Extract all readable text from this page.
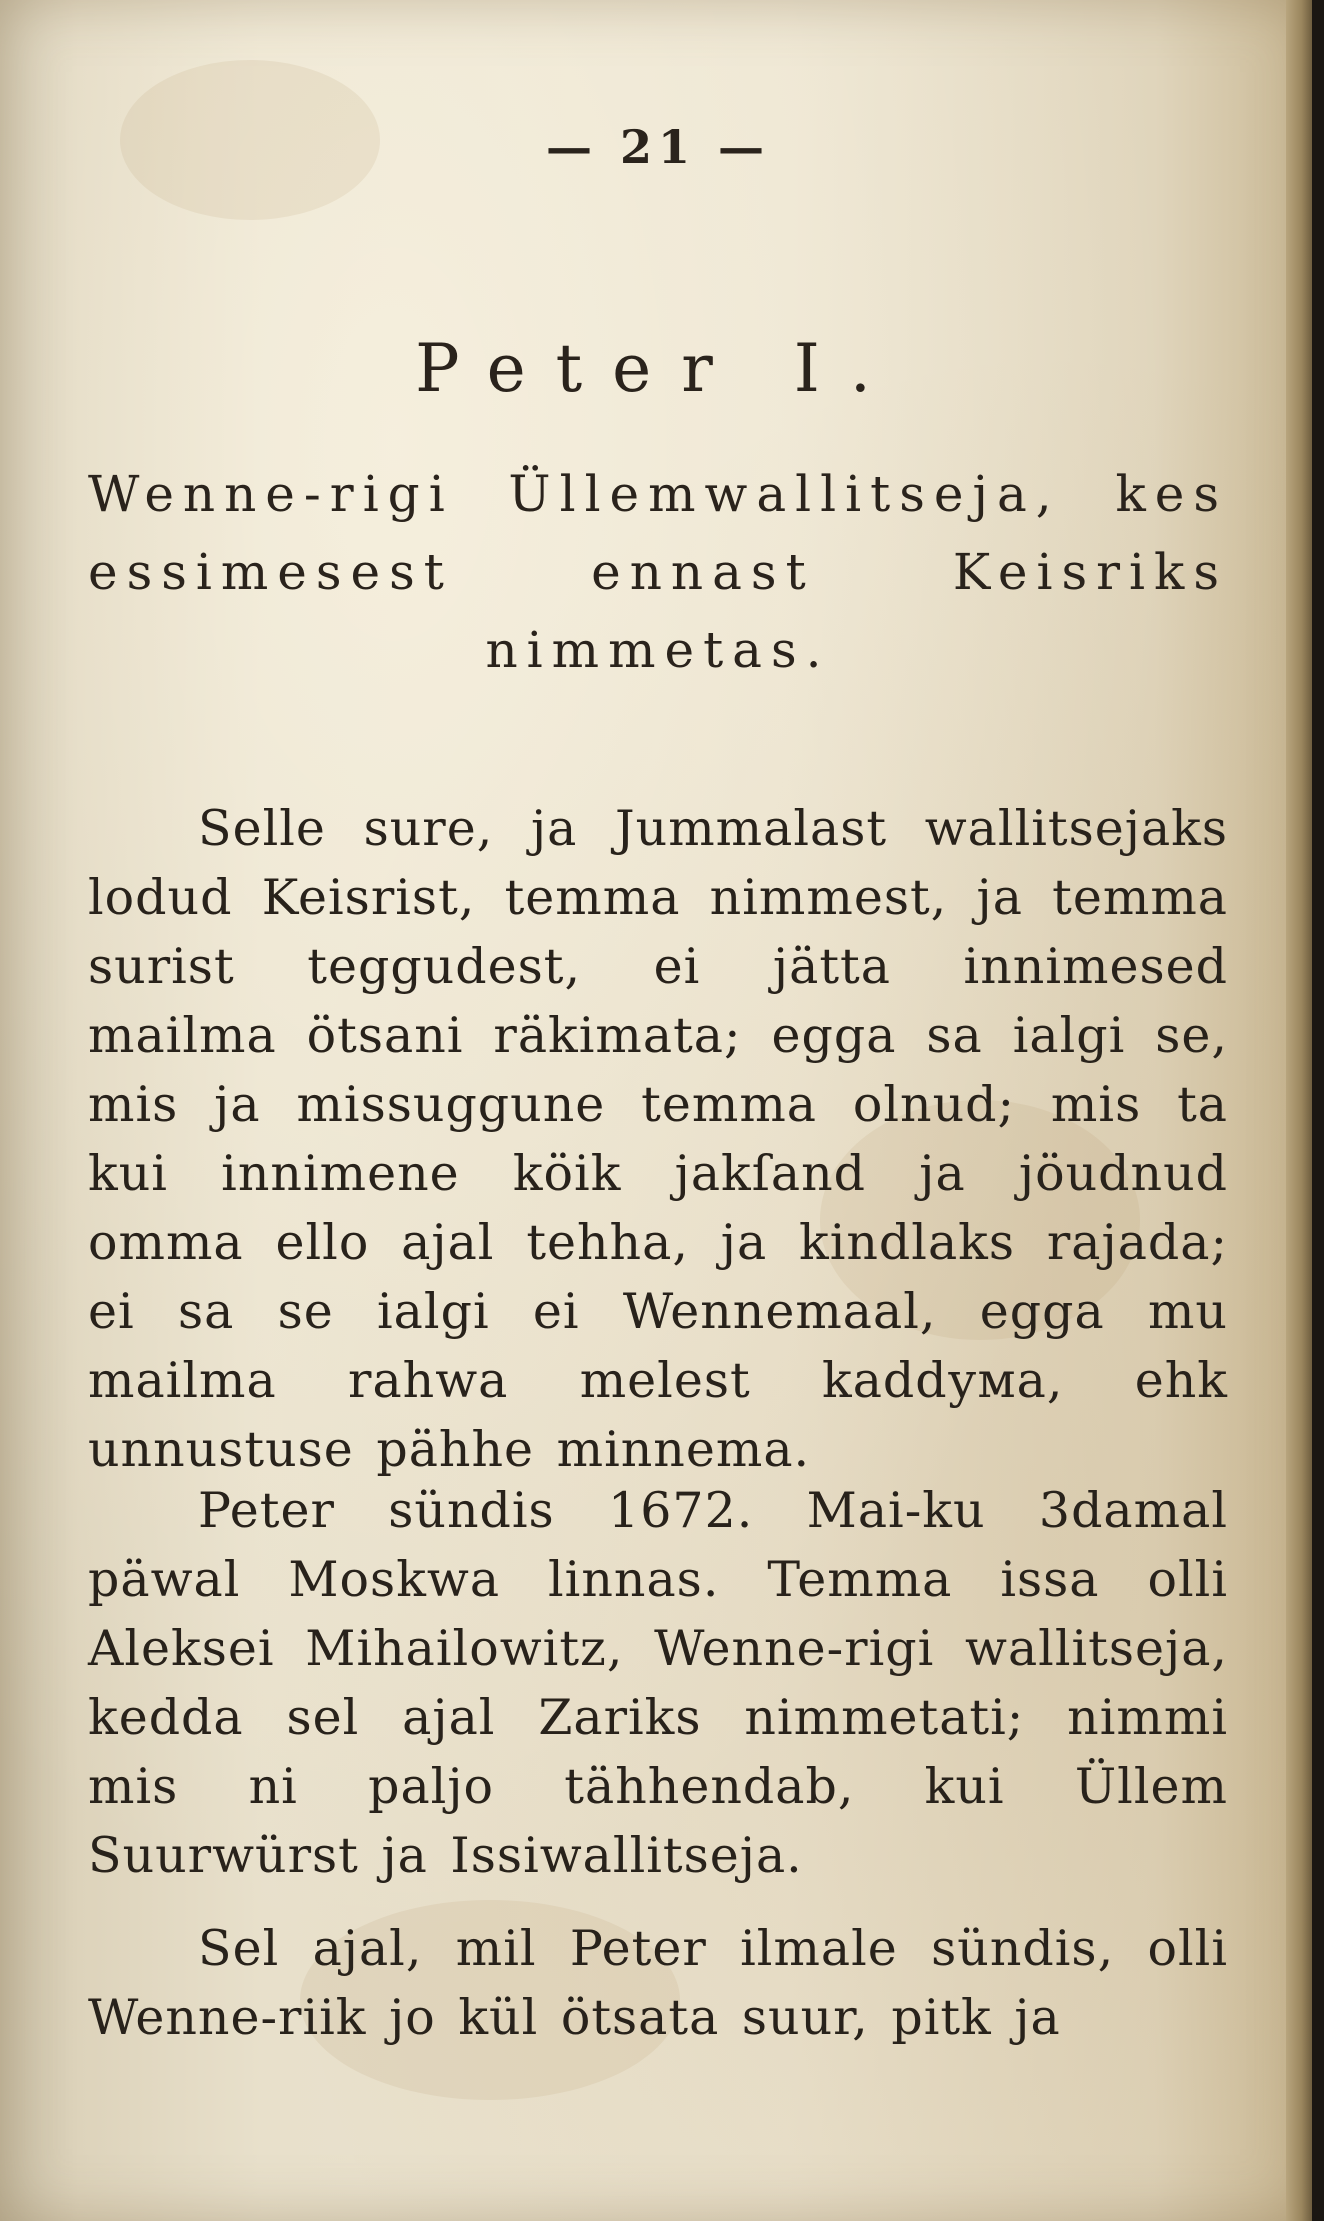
— 21 —
Peter I.
Wenne-rigi Üllemwallitseja, kes essimesest ennast Keisriks nimmetas.

Selle sure, ja Jummalast wallitsejaks lodud Keisrist, temma nimmest, ja temma surist teggudest, ei jätta innimesed mailma ötsani räkimata; egga sa ialgi se, mis ja missuggune temma olnud; mis ta kui innimene köik jakſand ja jöudnud omma ello ajal tehha, ja kindlaks rajada; ei sa se ialgi ei Wennemaal, egga mu mailma rahwa melest kaddума, ehk unnustuse pähhe minnema.

Peter sündis 1672. Mai-ku 3damal päwal Moskwa linnas. Temma issa olli Aleksei Mihailowitz, Wenne-rigi wallitseja, kedda sel ajal Zariks nimmetati; nimmi mis ni paljo tähhendab, kui Üllem Suurwürst ja Issiwallitseja.

Sel ajal, mil Peter ilmale sündis, olli Wenne-riik jo kül ötsata suur, pitk ja
